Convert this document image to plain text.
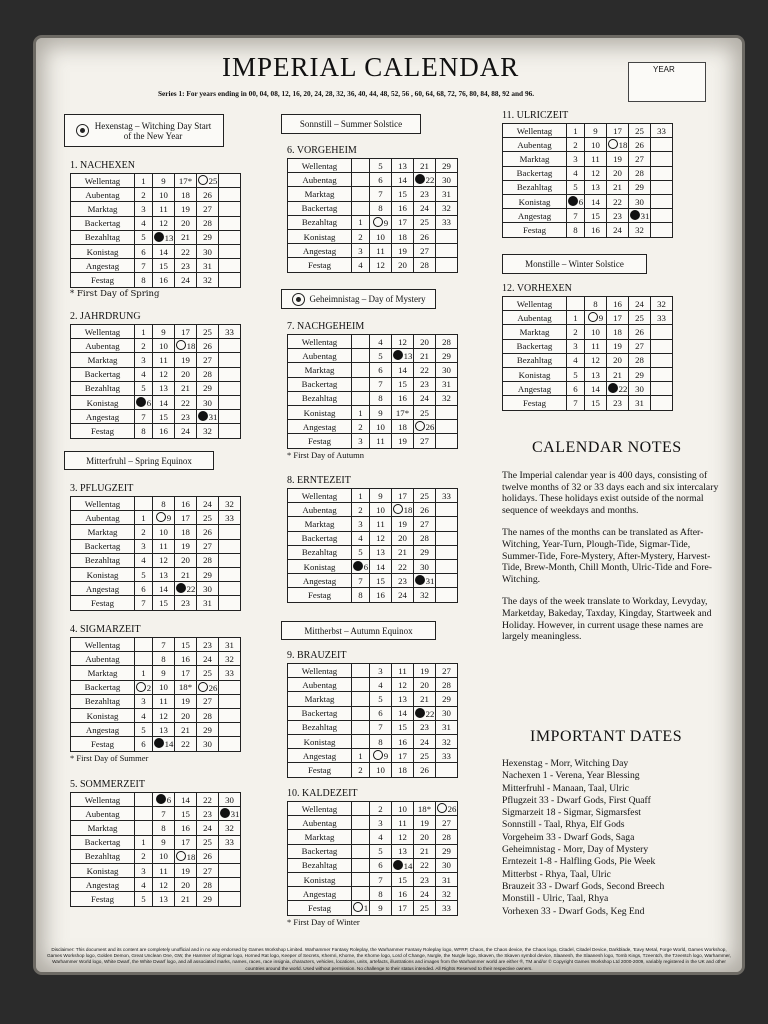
IMPERIAL CALENDAR	YEAR
Series 1: For years ending in 00, 04, 08, 12, 16, 20, 24, 28, 32, 36, 40, 44, 48, 52, 56 , 60, 64, 68, 72, 76, 80, 84, 88, 92 and 96.
Hexenstag – Witching Day Start of the New Year
Mitterfruhl – Spring Equinox
Sonnstill – Summer Solstice
Geheimnistag – Day of Mystery
Mittherbst – Autumn Equinox
Monstille – Winter Solstice
1. NACHEXEN
Wellentag	1	9	17*	25	
Aubentag	2	10	18	26	
Marktag	3	11	19	27	
Backertag	4	12	20	28	
Bezahltag	5	13	21	29	
Konistag	6	14	22	30	
Angestag	7	15	23	31	
Festag	8	16	24	32	
* First Day of Spring
2. JAHRDRUNG
Wellentag	1	9	17	25	33
Aubentag	2	10	18	26	
Marktag	3	11	19	27	
Backertag	4	12	20	28	
Bezahltag	5	13	21	29	
Konistag	6	14	22	30	
Angestag	7	15	23	31	
Festag	8	16	24	32	
3. PFLUGZEIT
Wellentag		8	16	24	32
Aubentag	1	9	17	25	33
Marktag	2	10	18	26	
Backertag	3	11	19	27	
Bezahltag	4	12	20	28	
Konistag	5	13	21	29	
Angestag	6	14	22	30	
Festag	7	15	23	31	
4. SIGMARZEIT
Wellentag		7	15	23	31
Aubentag		8	16	24	32
Marktag	1	9	17	25	33
Backertag	2	10	18*	26	
Bezahltag	3	11	19	27	
Konistag	4	12	20	28	
Angestag	5	13	21	29	
Festag	6	14	22	30	
* First Day of Summer
5. SOMMERZEIT
Wellentag		6	14	22	30
Aubentag		7	15	23	31
Marktag		8	16	24	32
Backertag	1	9	17	25	33
Bezahltag	2	10	18	26	
Konistag	3	11	19	27	
Angestag	4	12	20	28	
Festag	5	13	21	29	
6. VORGEHEIM
Wellentag		5	13	21	29
Aubentag		6	14	22	30
Marktag		7	15	23	31
Backertag		8	16	24	32
Bezahltag	1	9	17	25	33
Konistag	2	10	18	26	
Angestag	3	11	19	27	
Festag	4	12	20	28	
7. NACHGEHEIM
Wellentag		4	12	20	28
Aubentag		5	13	21	29
Marktag		6	14	22	30
Backertag		7	15	23	31
Bezahltag		8	16	24	32
Konistag	1	9	17*	25	
Angestag	2	10	18	26	
Festag	3	11	19	27	
* First Day of Autumn
8. ERNTEZEIT
Wellentag	1	9	17	25	33
Aubentag	2	10	18	26	
Marktag	3	11	19	27	
Backertag	4	12	20	28	
Bezahltag	5	13	21	29	
Konistag	6	14	22	30	
Angestag	7	15	23	31	
Festag	8	16	24	32	
9. BRAUZEIT
Wellentag		3	11	19	27
Aubentag		4	12	20	28
Marktag		5	13	21	29
Backertag		6	14	22	30
Bezahltag		7	15	23	31
Konistag		8	16	24	32
Angestag	1	9	17	25	33
Festag	2	10	18	26	
10. KALDEZEIT
Wellentag		2	10	18*	26
Aubentag		3	11	19	27
Marktag		4	12	20	28
Backertag		5	13	21	29
Bezahltag		6	14	22	30
Konistag		7	15	23	31
Angestag		8	16	24	32
Festag	1	9	17	25	33
* First Day of Winter
11. ULRICZEIT
Wellentag	1	9	17	25	33
Aubentag	2	10	18	26	
Marktag	3	11	19	27	
Backertag	4	12	20	28	
Bezahltag	5	13	21	29	
Konistag	6	14	22	30	
Angestag	7	15	23	31	
Festag	8	16	24	32	
12. VORHEXEN
Wellentag		8	16	24	32
Aubentag	1	9	17	25	33
Marktag	2	10	18	26	
Backertag	3	11	19	27	
Bezahltag	4	12	20	28	
Konistag	5	13	21	29	
Angestag	6	14	22	30	
Festag	7	15	23	31	
CALENDAR NOTES

The Imperial calendar year is 400 days, consisting of twelve months of 32 or 33 days each and six intercalary holidays. These holidays exist outside of the normal sequence of weekdays and months.

The names of the months can be translated as After-Witching, Year-Turn, Plough-Tide, Sigmar-Tide, Summer-Tide, Fore-Mystery, After-Mystery, Harvest-Tide, Brew-Month, Chill Month, Ulric-Tide and Fore-Witching.

The days of the week translate to Workday, Levyday, Marketday, Bakeday, Taxday, Kingday, Startweek and Holiday. However, in current usage these names are largely meaningless.

IMPORTANT DATES
Hexenstag - Morr, Witching Day
Nachexen 1 - Verena, Year Blessing
Mitterfruhl - Manaan, Taal, Ulric
Pflugzeit 33 - Dwarf Gods, First Quaff
Sigmarzeit 18 - Sigmar, Sigmarsfest
Sonnstill - Taal, Rhya, Elf Gods
Vorgeheim 33 - Dwarf Gods, Saga
Geheimnistag - Morr, Day of Mystery
Erntezeit 1-8 - Halfling Gods, Pie Week
Mitterbst - Rhya, Taal, Ulric
Brauzeit 33 - Dwarf Gods, Second Breech
Monstill - Ulric, Taal, Rhya
Vorhexen 33 - Dwarf Gods, Keg End
Disclaimer: This document and its content are completely unofficial and in no way endorsed by Games Workshop Limited. Warhammer Fantasy Roleplay, the Warhammer Fantasy Roleplay logo, WFRP, Chaos, the Chaos device, the Chaos logo, Citadel, Citadel Device, Darkblade, 'Eavy Metal, Forge World, Games Workshop, Games Workshop logo, Golden Demon, Great Unclean One, GW, the Hammer of Sigmar logo, Horned Rat logo, Keeper of Secrets, Khemri, Khorne, the Khorne logo, Lord of Change, Nurgle, the Nurgle logo, Skaven, the Skaven symbol device, Slaanesh, the Slaanesh logo, Tomb Kings, Tzeentch, the Tzeentch logo, Warhammer, Warhammer World logo, White Dwarf, the White Dwarf logo, and all associated marks, names, races, race insignia, characters, vehicles, locations, units, artefacts, illustrations and images from the Warhammer world are either ®, TM and/or © Copyright Games Workshop Ltd 2000-2009, variably registered in the UK and other countries around the world. Used without permission. No challenge to their status intended. All Rights Reserved to their respective owners.
